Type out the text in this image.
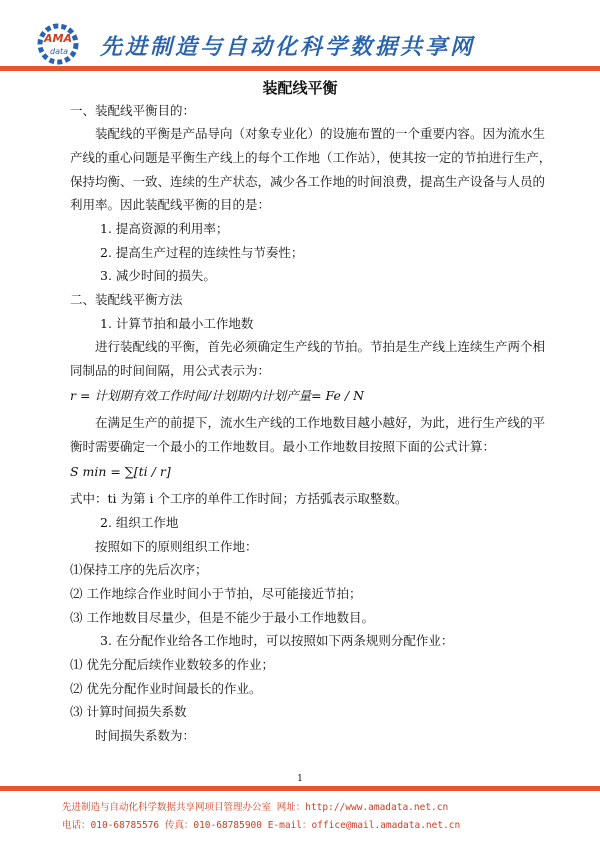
AMA
data 先进制造与自动化科学数据共享网
装配线平衡
一、装配线平衡目的：
装配线的平衡是产品导向（对象专业化）的设施布置的一个重要内容。因为流水生
产线的重心问题是平衡生产线上的每个工作地（工作站），使其按一定的节拍进行生产，
保持均衡、一致、连续的生产状态，减少各工作地的时间浪费，提高生产设备与人员的
利用率。因此装配线平衡的目的是：
1. 提高资源的利用率；
2. 提高生产过程的连续性与节奏性；
3. 减少时间的损失。
二、装配线平衡方法
1. 计算节拍和最小工作地数
进行装配线的平衡，首先必须确定生产线的节拍。节拍是生产线上连续生产两个相
同制品的时间间隔，用公式表示为：
r = 计划期有效工作时间/计划期内计划产量= Fe / N
在满足生产的前提下，流水生产线的工作地数目越小越好，为此，进行生产线的平
衡时需要确定一个最小的工作地数目。最小工作地数目按照下面的公式计算：
S min = ∑[ti / r]
式中：ti 为第 i 个工序的单件工作时间；方括弧表示取整数。
2. 组织工作地
按照如下的原则组织工作地：
⑴保持工序的先后次序；
⑵ 工作地综合作业时间小于节拍，尽可能接近节拍；
⑶ 工作地数目尽量少，但是不能少于最小工作地数目。
3. 在分配作业给各工作地时，可以按照如下两条规则分配作业：
⑴ 优先分配后续作业数较多的作业；
⑵ 优先分配作业时间最长的作业。
⑶ 计算时间损失系数
时间损失系数为：
1
先进制造与自动化科学数据共享网项目管理办公室 网址：http://www.amadata.net.cn
电话：010-68785576 传真：010-68785900 E-mail：office@mail.amadata.net.cn
